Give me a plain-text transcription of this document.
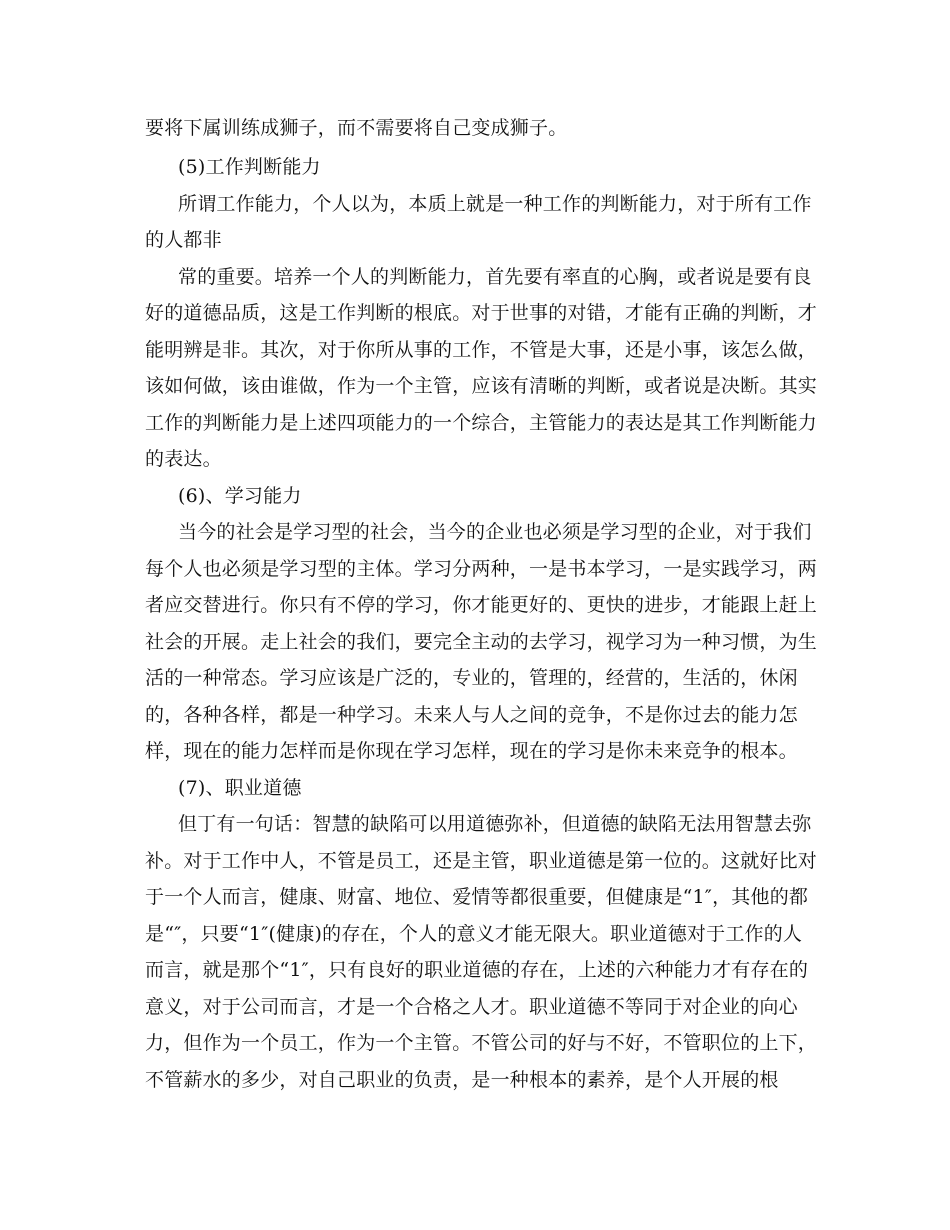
要将下属训练成狮子，而不需要将自己变成狮子。
(5)工作判断能力
所谓工作能力，个人以为，本质上就是一种工作的判断能力，对于所有工作
的人都非
常的重要。培养一个人的判断能力，首先要有率直的心胸，或者说是要有良
好的道德品质，这是工作判断的根底。对于世事的对错，才能有正确的判断，才
能明辨是非。其次，对于你所从事的工作，不管是大事，还是小事，该怎么做，
该如何做，该由谁做，作为一个主管，应该有清晰的判断，或者说是决断。其实
工作的判断能力是上述四项能力的一个综合，主管能力的表达是其工作判断能力
的表达。
(6)、学习能力
当今的社会是学习型的社会，当今的企业也必须是学习型的企业，对于我们
每个人也必须是学习型的主体。学习分两种，一是书本学习，一是实践学习，两
者应交替进行。你只有不停的学习，你才能更好的、更快的进步，才能跟上赶上
社会的开展。走上社会的我们，要完全主动的去学习，视学习为一种习惯，为生
活的一种常态。学习应该是广泛的，专业的，管理的，经营的，生活的，休闲
的，各种各样，都是一种学习。未来人与人之间的竞争，不是你过去的能力怎
样，现在的能力怎样而是你现在学习怎样，现在的学习是你未来竞争的根本。
(7)、职业道德
但丁有一句话：智慧的缺陷可以用道德弥补，但道德的缺陷无法用智慧去弥
补。对于工作中人，不管是员工，还是主管，职业道德是第一位的。这就好比对
于一个人而言，健康、财富、地位、爱情等都很重要，但健康是“1″，其他的都
是“″，只要“1″(健康)的存在，个人的意义才能无限大。职业道德对于工作的人
而言，就是那个“1″，只有良好的职业道德的存在，上述的六种能力才有存在的
意义，对于公司而言，才是一个合格之人才。职业道德不等同于对企业的向心
力，但作为一个员工，作为一个主管。不管公司的好与不好，不管职位的上下，
不管薪水的多少，对自己职业的负责，是一种根本的素养，是个人开展的根
